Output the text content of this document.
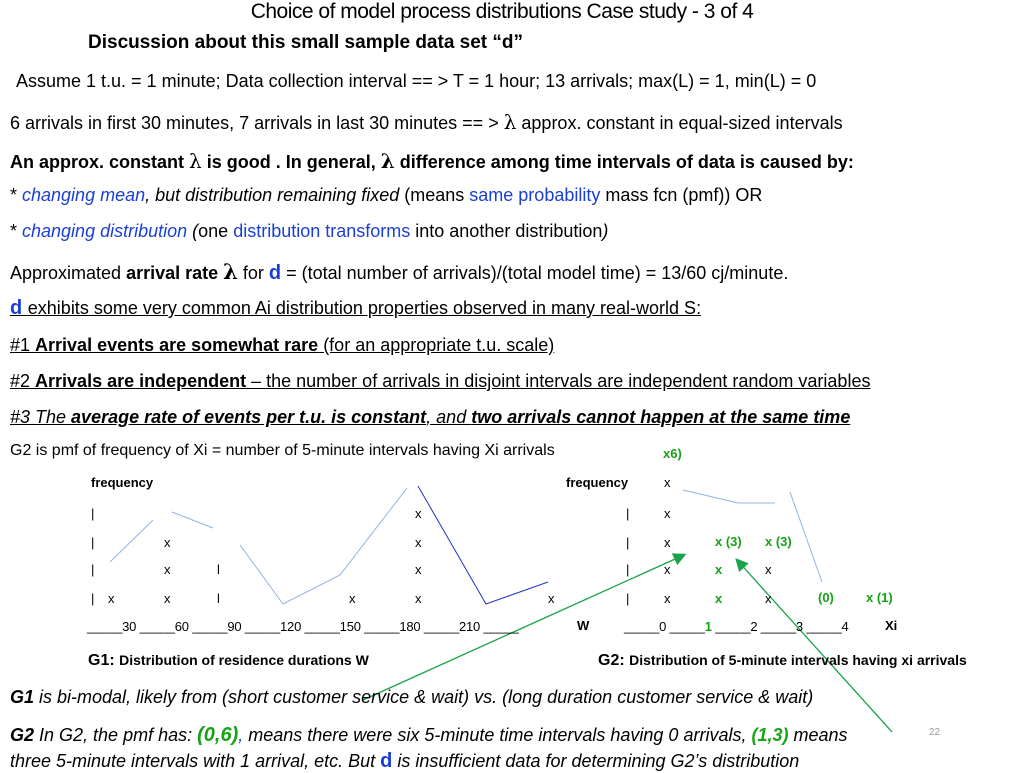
Choice of model process distributions Case study - 3 of 4
Discussion about this small sample data set “d”
Assume 1 t.u. = 1 minute; Data collection interval == > T = 1 hour; 13 arrivals; max(L) = 1, min(L) = 0
6 arrivals in first 30 minutes, 7 arrivals in last 30 minutes == > λ approx. constant in equal-sized intervals
An approx. constant λ is good . In general, λ difference among time intervals of data is caused by:
* changing mean, but distribution remaining fixed (means same probability mass fcn (pmf)) OR
* changing distribution (one distribution transforms into another distribution)
Approximated arrival rate λ for d = (total number of arrivals)/(total model time) = 13/60 cj/minute.
d exhibits some very common Ai distribution properties observed in many real-world S:
#1 Arrival events are somewhat rare (for an appropriate t.u. scale)
#2 Arrivals are independent – the number of arrivals in disjoint intervals are independent random variables
#3 The average rate of events per t.u. is constant, and two arrivals cannot happen at the same time
G2 is pmf of frequency of Xi = number of 5-minute intervals having Xi arrivals	x6)
frequency
|
|
|
| x
x
x
x
l
l	x
x
x
x
x	x
_____30 _____60 _____90 _____120 _____150 _____180 _____210 _____	W
G1: Distribution of residence durations W
frequency	x
|
|
|
|
x
x
x
x
x (3) x (3)
x	x
x	x	(0) x (1)
_____0 _____1 _____2 _____3 _____4	Xi
G2: Distribution of 5-minute intervals having xi arrivals
G1 is bi-modal, likely from (short customer service & wait) vs. (long duration customer service & wait)
G2 In G2, the pmf has: (0,6), means there were six 5-minute time intervals having 0 arrivals, (1,3) means	22
three 5-minute intervals with 1 arrival, etc. But d is insufficient data for determining G2’s distribution
